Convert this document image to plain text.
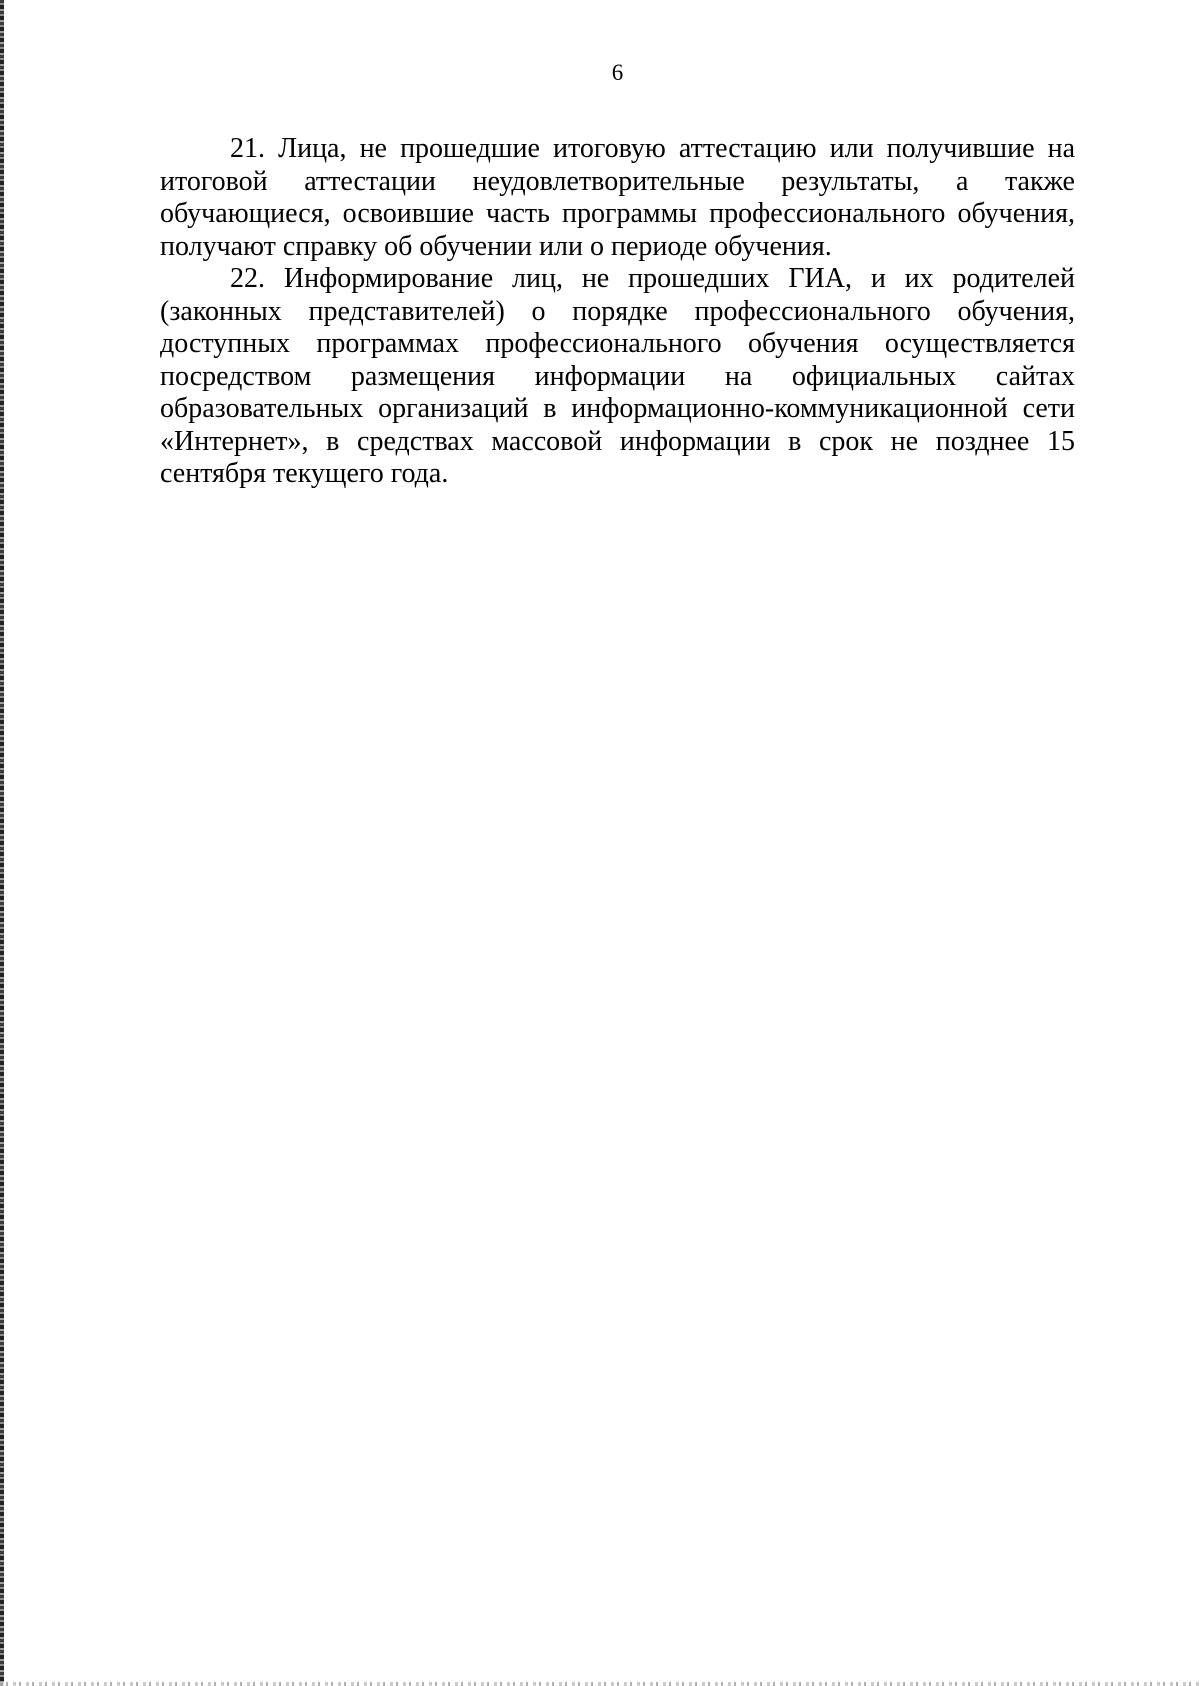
6

21. Лица, не прошедшие итоговую аттестацию или получившие на итоговой аттестации неудовлетворительные результаты, а также обучающиеся, освоившие часть программы профессионального обучения, получают справку об обучении или о периоде обучения.

22. Информирование лиц, не прошедших ГИА, и их родителей (законных представителей) о порядке профессионального обучения, доступных программах профессионального обучения осуществляется посредством размещения информации на официальных сайтах образовательных организаций в информационно-коммуникационной сети «Интернет», в средствах массовой информации в срок не позднее 15 сентября текущего года.
